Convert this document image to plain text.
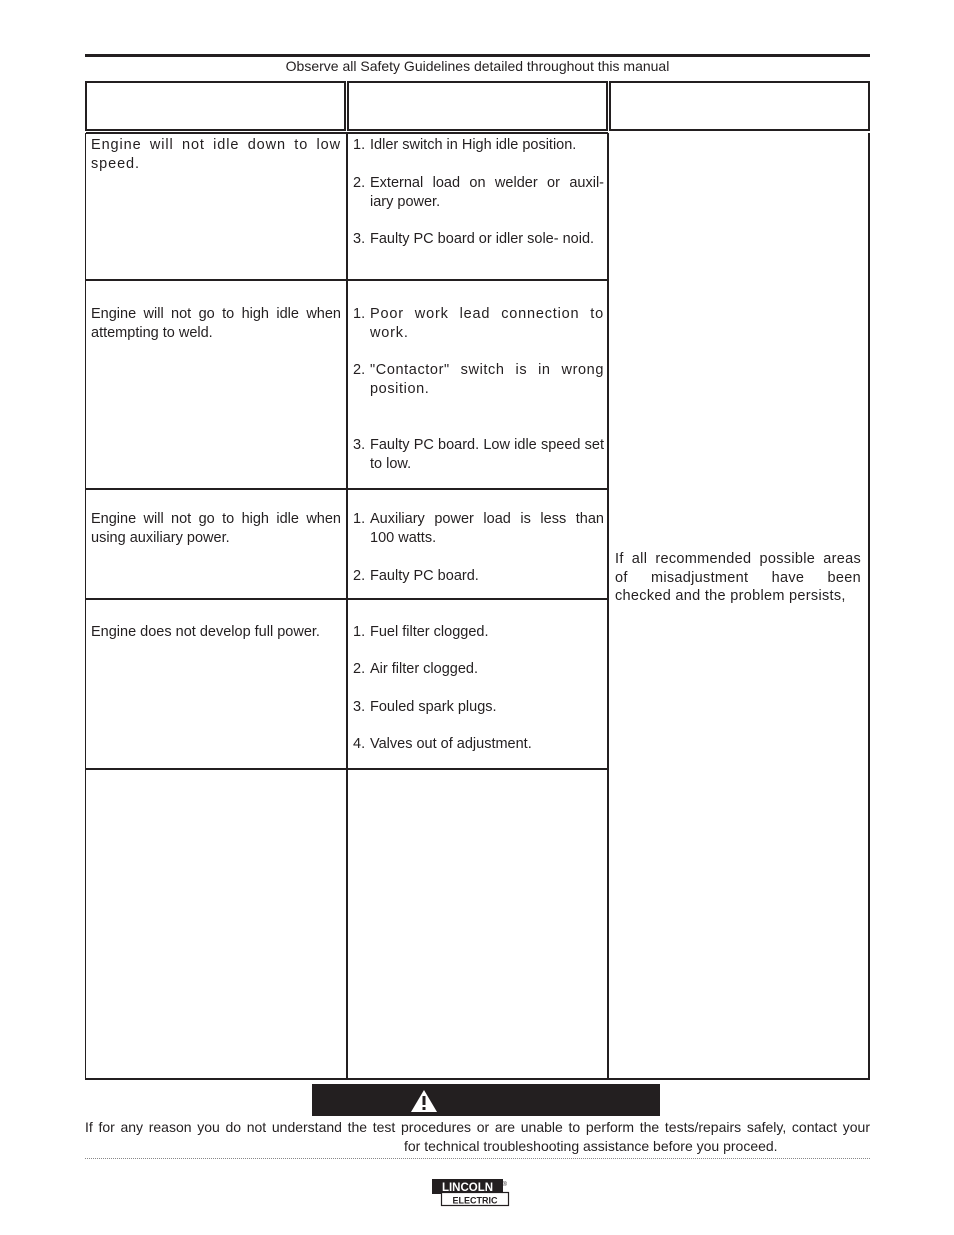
Observe all Safety Guidelines detailed throughout this manual
Engine will not idle down to low speed.
1. Idler switch in High idle position.
2. External load on welder or auxil- iary power.
3. Faulty PC board or idler sole- noid.
Engine will not go to high idle when attempting to weld.
1. Poor work lead connection to work.
2. "Contactor" switch is in wrong position.
3. Faulty PC board. Low idle speed set to low.
Engine will not go to high idle when using auxiliary power.
1. Auxiliary power load is less than 100 watts.
2. Faulty PC board.
Engine does not develop full power.	1. Fuel filter clogged.
2. Air filter clogged.
3. Fouled spark plugs.
4. Valves out of adjustment.
If all recommended possible areas of misadjustment have been checked and the problem persists,
If for any reason you do not understand the test procedures or are unable to perform the tests/repairs safely, contact your
for technical troubleshooting assistance before you proceed.
LINCOLN
ELECTRIC
®
